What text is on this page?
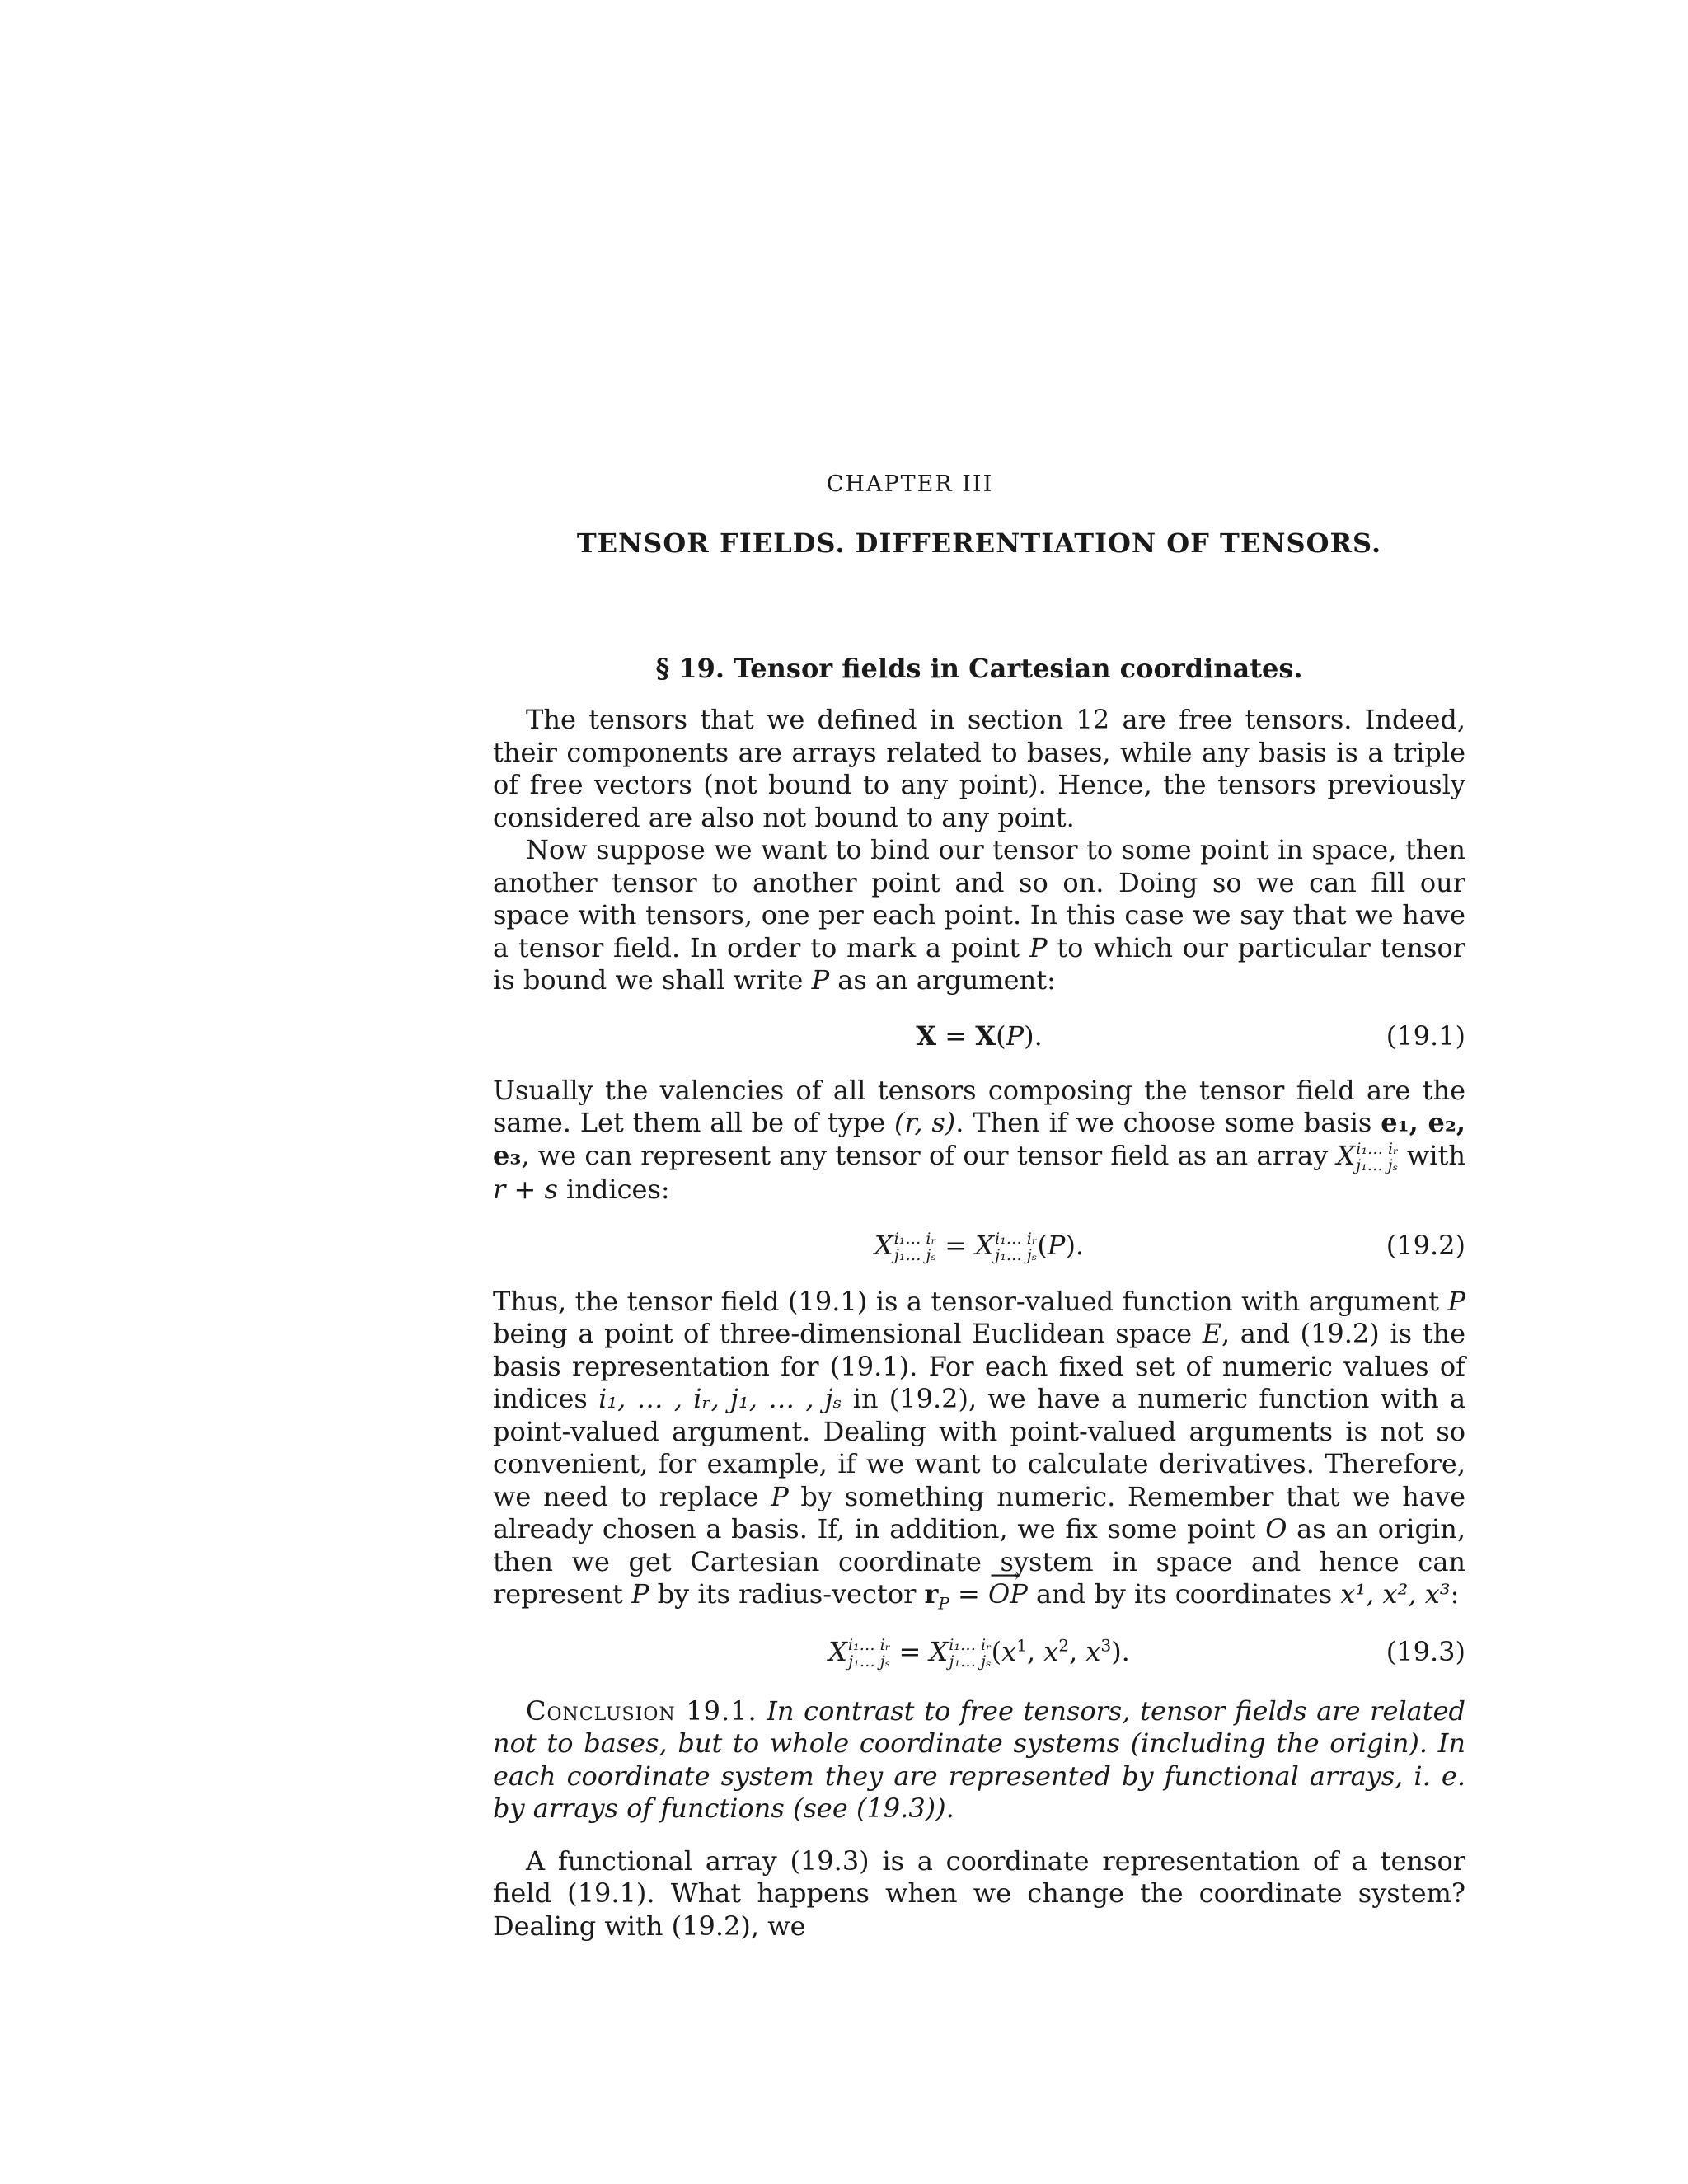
CHAPTER III
TENSOR FIELDS. DIFFERENTIATION OF TENSORS.
§ 19. Tensor fields in Cartesian coordinates.

The tensors that we defined in section 12 are free tensors. Indeed, their components are arrays related to bases, while any basis is a triple of free vectors (not bound to any point). Hence, the tensors previously considered are also not bound to any point.

Now suppose we want to bind our tensor to some point in space, then another tensor to another point and so on. Doing so we can fill our space with tensors, one per each point. In this case we say that we have a tensor field. In order to mark a point P to which our particular tensor is bound we shall write P as an argument:

X = X(P).	(19.1)

Usually the valencies of all tensors composing the tensor field are the same. Let them all be of type (r, s). Then if we choose some basis e₁, e₂, e₃, we can represent any tensor of our tensor field as an array X i₁… iᵣ
j₁… jₛ with r + s indices:

X i₁… iᵣ
j₁… jₛ = X i₁… iᵣ
j₁… jₛ (P).	(19.2)

Thus, the tensor field (19.1) is a tensor-valued function with argument P being a point of three-dimensional Euclidean space E, and (19.2) is the basis representation for (19.1). For each fixed set of numeric values of indices i₁, … , iᵣ, j₁, … , jₛ in (19.2), we have a numeric function with a point-valued argument. Dealing with point-valued arguments is not so convenient, for example, if we want to calculate derivatives. Therefore, we need to replace P by something numeric. Remember that we have already chosen a basis. If, in addition, we fix some point O as an origin, then we get Cartesian coordinate system in space and hence can represent P by its radius-vector $r_P$ = ⟶ OP and by its coordinates x¹, x², x³:

X i₁… iᵣ
j₁… jₛ = X i₁… iᵣ
j₁… jₛ ($x^1$, $x^2$, $x^3$).	(19.3)

Conclusion 19.1. In contrast to free tensors, tensor fields are related not to bases, but to whole coordinate systems (including the origin). In each coordinate system they are represented by functional arrays, i. e. by arrays of functions (see (19.3)).

A functional array (19.3) is a coordinate representation of a tensor field (19.1). What happens when we change the coordinate system? Dealing with (19.2), we
